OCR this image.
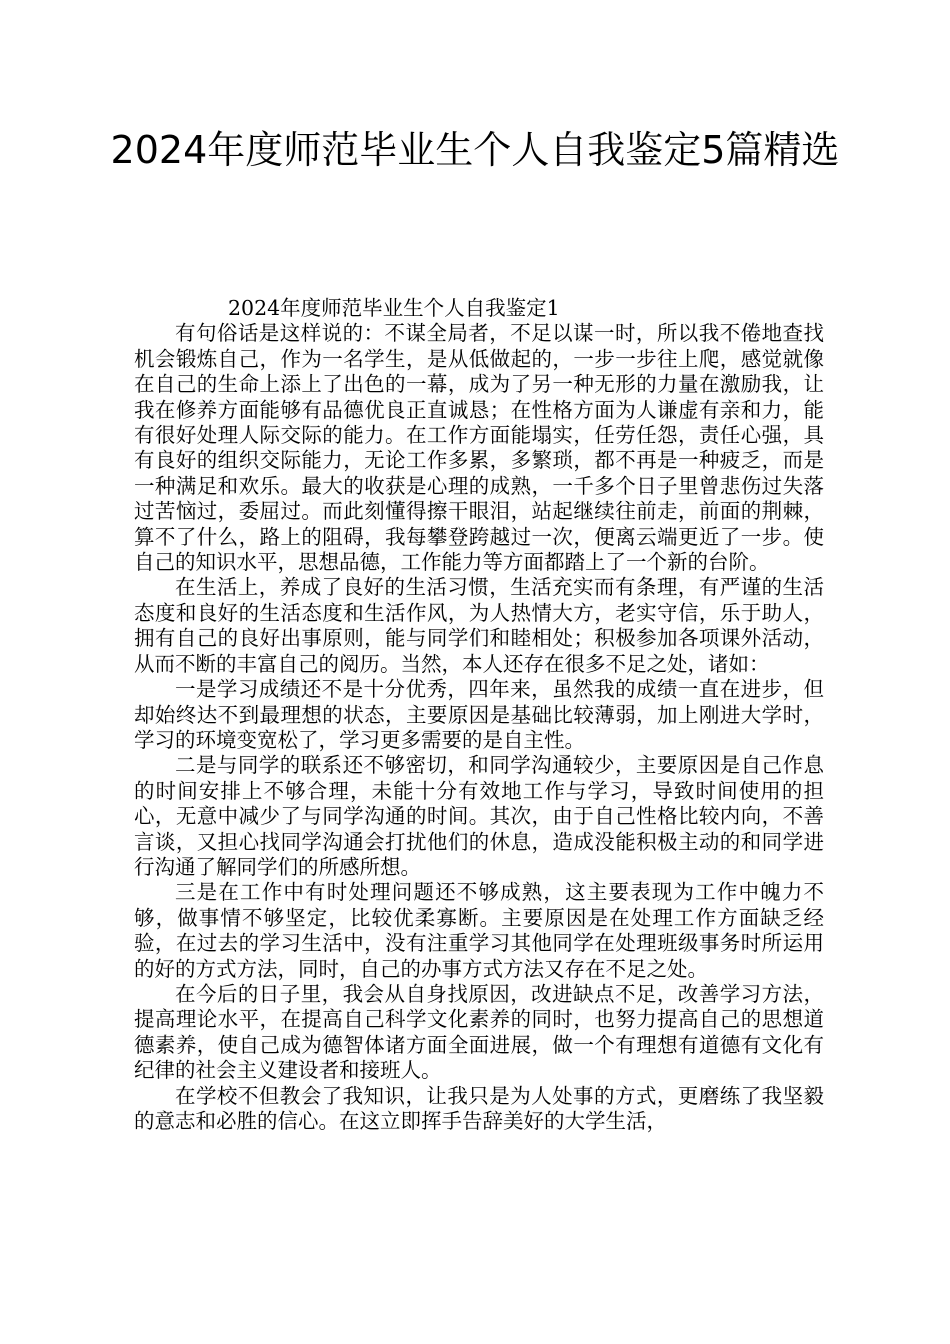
2024年度师范毕业生个人自我鉴定5篇精选

2024年度师范毕业生个人自我鉴定1

有句俗话是这样说的：不谋全局者，不足以谋一时，所以我不倦地查找机会锻炼自己，作为一名学生，是从低做起的，一步一步往上爬，感觉就像在自己的生命上添上了出色的一幕，成为了另一种无形的力量在激励我，让我在修养方面能够有品德优良正直诚恳；在性格方面为人谦虚有亲和力，能有很好处理人际交际的能力。在工作方面能塌实，任劳任怨，责任心强，具有良好的组织交际能力，无论工作多累，多繁琐，都不再是一种疲乏，而是一种满足和欢乐。最大的收获是心理的成熟，一千多个日子里曾悲伤过失落过苦恼过，委屈过。而此刻懂得擦干眼泪，站起继续往前走，前面的荆棘，算不了什么，路上的阻碍，我每攀登跨越过一次，便离云端更近了一步。使自己的知识水平，思想品德，工作能力等方面都踏上了一个新的台阶。

在生活上，养成了良好的生活习惯，生活充实而有条理，有严谨的生活态度和良好的生活态度和生活作风，为人热情大方，老实守信，乐于助人，拥有自己的良好出事原则，能与同学们和睦相处；积极参加各项课外活动，从而不断的丰富自己的阅历。当然，本人还存在很多不足之处，诸如：

一是学习成绩还不是十分优秀，四年来，虽然我的成绩一直在进步，但却始终达不到最理想的状态，主要原因是基础比较薄弱，加上刚进大学时，学习的环境变宽松了，学习更多需要的是自主性。

二是与同学的联系还不够密切，和同学沟通较少，主要原因是自己作息的时间安排上不够合理，未能十分有效地工作与学习，导致时间使用的担心，无意中减少了与同学沟通的时间。其次，由于自己性格比较内向，不善言谈，又担心找同学沟通会打扰他们的休息，造成没能积极主动的和同学进行沟通了解同学们的所感所想。

三是在工作中有时处理问题还不够成熟，这主要表现为工作中魄力不够，做事情不够坚定，比较优柔寡断。主要原因是在处理工作方面缺乏经验，在过去的学习生活中，没有注重学习其他同学在处理班级事务时所运用的好的方式方法，同时，自己的办事方式方法又存在不足之处。

在今后的日子里，我会从自身找原因，改进缺点不足，改善学习方法，提高理论水平，在提高自己科学文化素养的同时，也努力提高自己的思想道德素养，使自己成为德智体诸方面全面进展，做一个有理想有道德有文化有纪律的社会主义建设者和接班人。

在学校不但教会了我知识，让我只是为人处事的方式，更磨练了我坚毅的意志和必胜的信心。在这立即挥手告辞美好的大学生活，
